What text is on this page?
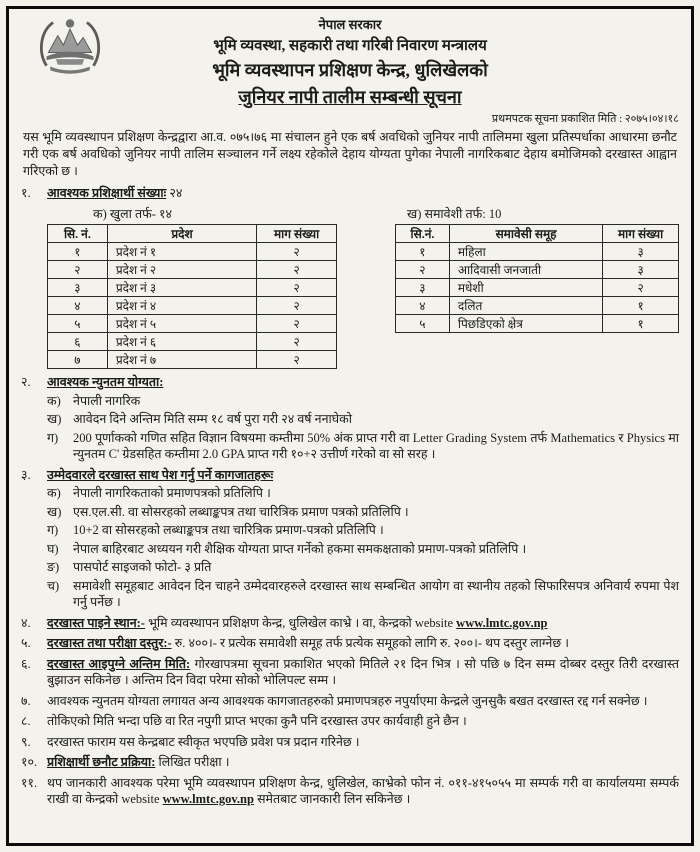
नेपाल सरकार
भूमि व्यवस्था, सहकारी तथा गरिबी निवारण मन्त्रालय
भूमि व्यवस्थापन प्रशिक्षण केन्द्र, धुलिखेलको
जुनियर नापी तालीम सम्बन्धी सूचना
प्रथमपटक सूचना प्रकाशित मिति : २०७५।०४।१८

यस भूमि व्यवस्थापन प्रशिक्षण केन्द्रद्वारा आ.व. ०७५।७६ मा संचालन हुने एक बर्ष अवधिको जुनियर नापी तालिममा खुला प्रतिस्पर्धाका आधारमा छनौट गरी एक बर्ष अवधिको जुनियर नापी तालिम सञ्चालन गर्ने लक्ष्य रहेकोले देहाय योग्यता पुगेका नेपाली नागरिकबाट देहाय बमोजिमको दरखास्त आह्वान गरिएको छ ।

१.	आवश्यक प्रशिक्षार्थी संख्याः २४
क) खुला तर्फ- १४
सि. नं.	प्रदेश	माग संख्या
१	प्रदेश नं १	२
२	प्रदेश नं २	२
३	प्रदेश नं ३	२
४	प्रदेश नं ४	२
५	प्रदेश नं ५	२
६	प्रदेश नं ६	२
७	प्रदेश नं ७	२
ख) समावेशी तर्फ: 10
सि.नं.	समावेसी समूह	माग संख्या
१	महिला	३
२	आदिवासी जनजाती	३
३	मधेशी	२
४	दलित	१
५	पिछडिएको क्षेत्र	१
२.	आवश्यक न्युनतम योग्यता:
क) नेपाली नागरिक
ख) आवेदन दिने अन्तिम मिति सम्म १८ वर्ष पुरा गरी २४ वर्ष ननाघेको
ग)	200 पूर्णाकको गणित सहित विज्ञान विषयमा कम्तीमा 50% अंक प्राप्त गरी वा Letter Grading System तर्फ Mathematics र Physics मा न्युनतम C' ग्रेडसहित कम्तीमा 2.0 GPA प्राप्त गरी १०+२ उत्तीर्ण गरेको वा सो सरह ।
३.	उम्मेदवारले दरखास्त साथ पेश गर्नु पर्ने कागजातहरूः
क) नेपाली नागरिकताको प्रमाणपत्रको प्रतिलिपि ।
ख) एस.एल.सी. वा सोसरहको लब्धाङ्कपत्र तथा चारित्रिक प्रमाण पत्रको प्रतिलिपि ।
ग)	10+2 वा सोसरहको लब्धाङ्कपत्र तथा चारित्रिक प्रमाण-पत्रको प्रतिलिपि ।
घ)	नेपाल बाहिरबाट अध्ययन गरी शैक्षिक योग्यता प्राप्त गर्नेको हकमा समकक्षताको प्रमाण-पत्रको प्रतिलिपि ।
ङ)	पासपोर्ट साइजको फोटो- ३ प्रति
च)	समावेशी समूहबाट आवेदन दिन चाहने उम्मेदवारहरुले दरखास्त साथ सम्बन्धित आयोग वा स्थानीय तहको सिफारिसपत्र अनिवार्य रुपमा पेश गर्नु पर्नेछ ।
४.	दरखास्त पाइने स्थान:- भूमि व्यवस्थापन प्रशिक्षण केन्द्र, धुलिखेल काभ्रे । वा, केन्द्रको website www.lmtc.gov.np
५.	दरखास्त तथा परीक्षा दस्तुर:- रु. ४००।- र प्रत्येक समावेशी समूह तर्फ प्रत्येक समूहको लागि रु. २००।- थप दस्तुर लाग्नेछ ।
६.	दरखास्त आइपुग्ने अन्तिम मिति: गोरखापत्रमा सूचना प्रकाशित भएको मितिले २१ दिन भित्र । सो पछि ७ दिन सम्म दोब्बर दस्तुर तिरी दरखास्त बुझाउन सकिनेछ । अन्तिम दिन विदा परेमा सोको भोलिपल्ट सम्म ।
७.	आवश्यक न्युनतम योग्यता लगायत अन्य आवश्यक कागजातहरुको प्रमाणपत्रहरु नपुर्याएमा केन्द्रले जुनसुकै बखत दरखास्त रद्द गर्न सक्नेछ ।
८.	तोकिएको मिति भन्दा पछि वा रित नपुगी प्राप्त भएका कुनै पनि दरखास्त उपर कार्यवाही हुने छैन ।
९.	दरखास्त फाराम यस केन्द्रबाट स्वीकृत भएपछि प्रवेश पत्र प्रदान गरिनेछ ।
१०. प्रशिक्षार्थी छनौट प्रक्रिया: लिखित परीक्षा ।
११. थप जानकारी आवश्यक परेमा भूमि व्यवस्थापन प्रशिक्षण केन्द्र, धुलिखेल, काभ्रेको फोन नं. ०११-४१५०५५ मा सम्पर्क गरी वा कार्यालयमा सम्पर्क राखी वा केन्द्रको website www.lmtc.gov.np समेतबाट जानकारी लिन सकिनेछ ।
